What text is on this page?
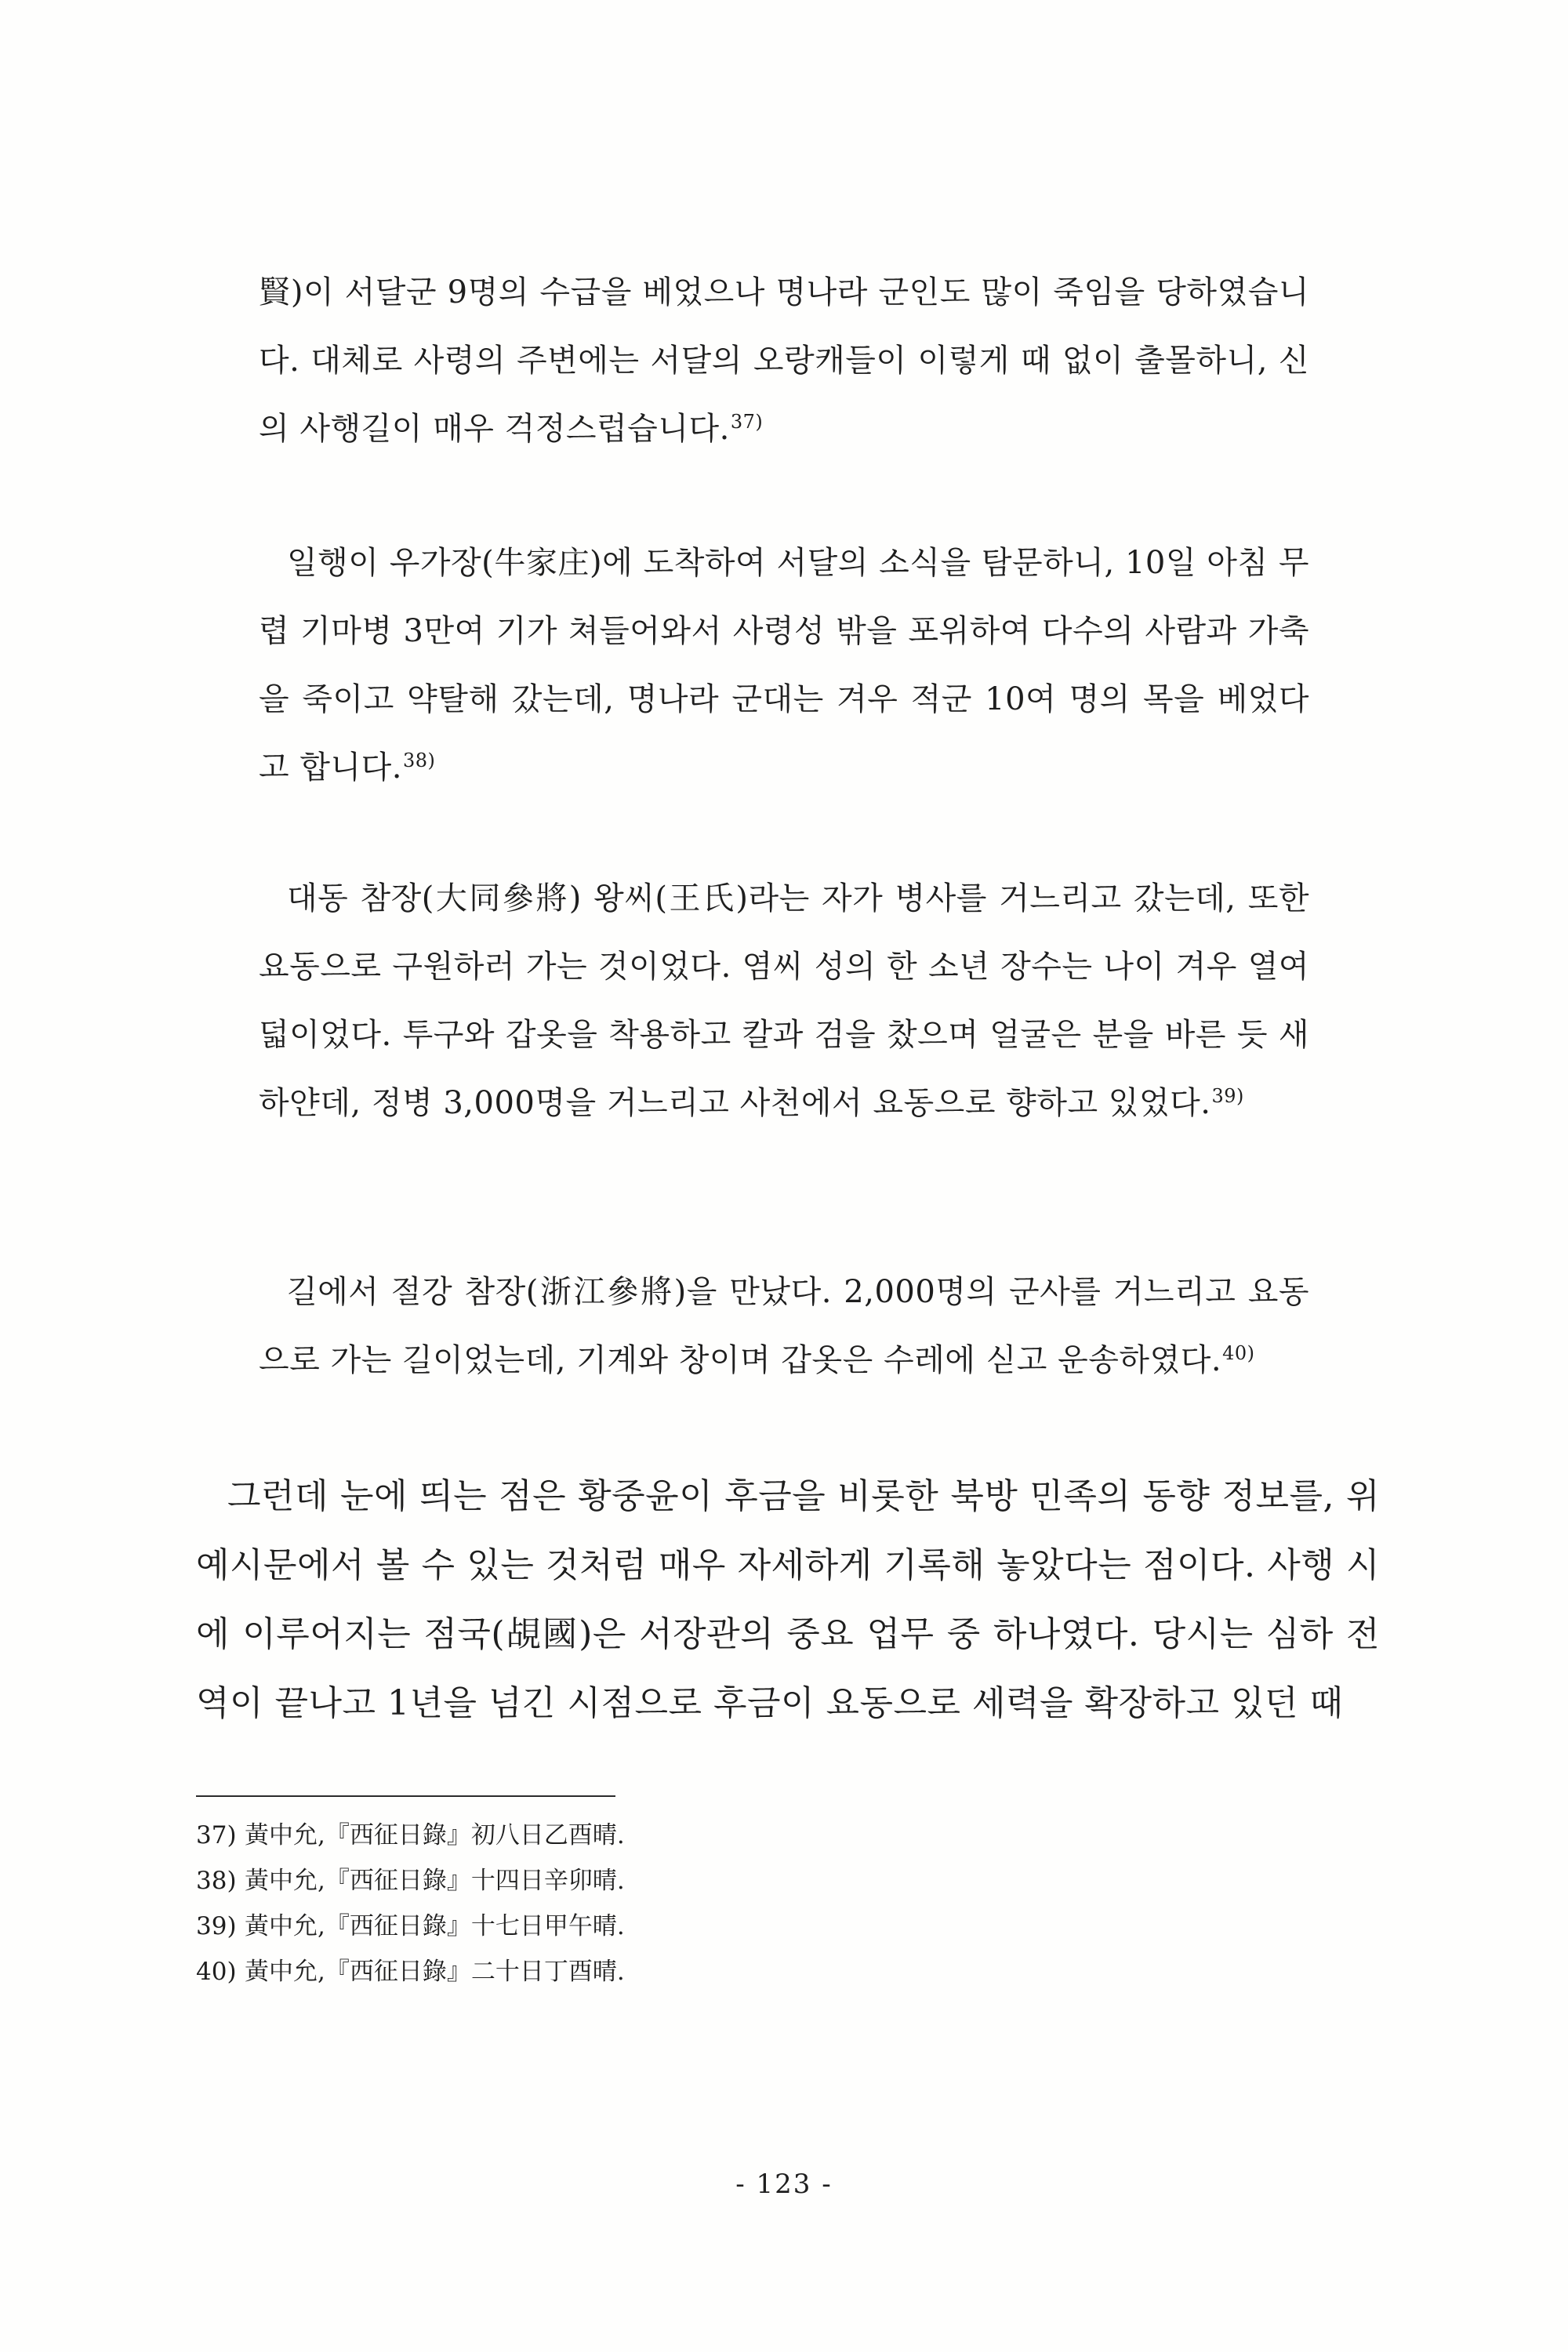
賢)이 서달군 9명의 수급을 베었으나 명나라 군인도 많이 죽임을 당하였습니다. 대체로 사령의 주변에는 서달의 오랑캐들이 이렇게 때 없이 출몰하니, 신의 사행길이 매우 걱정스럽습니다.$^{37)}$

일행이 우가장(牛家庄)에 도착하여 서달의 소식을 탐문하니, 10일 아침 무렵 기마병 3만여 기가 쳐들어와서 사령성 밖을 포위하여 다수의 사람과 가축을 죽이고 약탈해 갔는데, 명나라 군대는 겨우 적군 10여 명의 목을 베었다고 합니다.$^{38)}$

대동 참장(大同參將) 왕씨(王氏)라는 자가 병사를 거느리고 갔는데, 또한 요동으로 구원하러 가는 것이었다. 염씨 성의 한 소년 장수는 나이 겨우 열여덟이었다. 투구와 갑옷을 착용하고 칼과 검을 찼으며 얼굴은 분을 바른 듯 새하얀데, 정병 3,000명을 거느리고 사천에서 요동으로 향하고 있었다.$^{39)}$

길에서 절강 참장(浙江參將)을 만났다. 2,000명의 군사를 거느리고 요동으로 가는 길이었는데, 기계와 창이며 갑옷은 수레에 싣고 운송하였다.$^{40)}$

그런데 눈에 띄는 점은 황중윤이 후금을 비롯한 북방 민족의 동향 정보를, 위 예시문에서 볼 수 있는 것처럼 매우 자세하게 기록해 놓았다는 점이다. 사행 시에 이루어지는 점국(覘國)은 서장관의 중요 업무 중 하나였다. 당시는 심하 전역이 끝나고 1년을 넘긴 시점으로 후금이 요동으로 세력을 확장하고 있던 때

37) 黃中允,『西征日錄』初八日乙酉晴.
38) 黃中允,『西征日錄』十四日辛卯晴.
39) 黃中允,『西征日錄』十七日甲午晴.
40) 黃中允,『西征日錄』二十日丁酉晴.
- 123 -
